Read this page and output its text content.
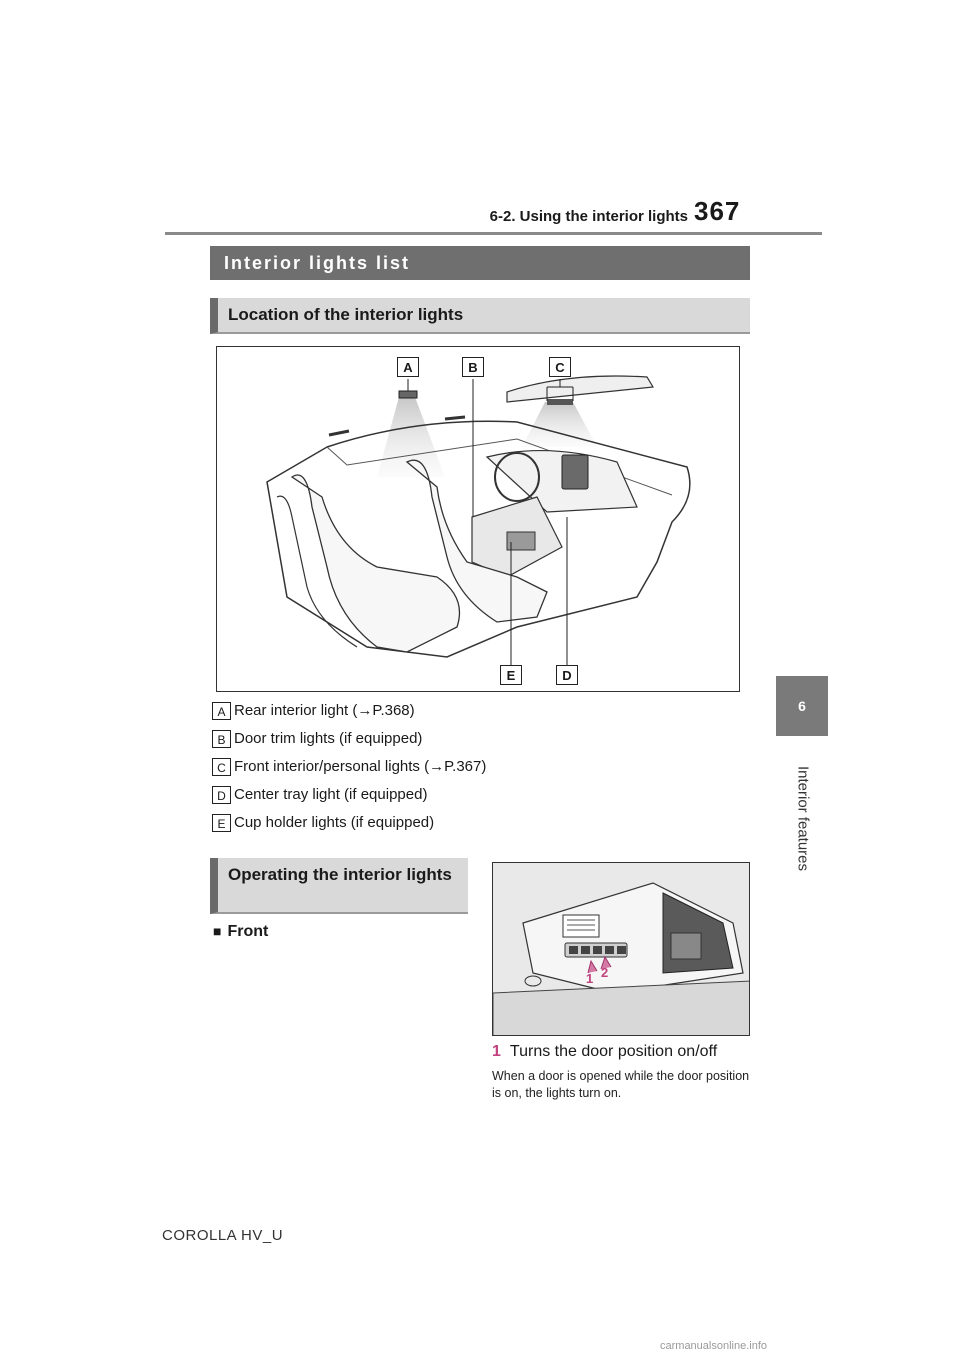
6-2. Using the interior lights 367
6
Interior features
Interior lights list
Location of the interior lights
A	B	C
E	D
A Rear interior light (→P.368)
B Door trim lights (if equipped)
C Front interior/personal lights (→P.367)
D Center tray light (if equipped)
E Cup holder lights (if equipped)
Operating the interior lights
■ Front
1 2
1 Turns the door position on/off
When a door is opened while the door position is on, the lights turn on.
COROLLA HV_U
carmanualsonline.info
